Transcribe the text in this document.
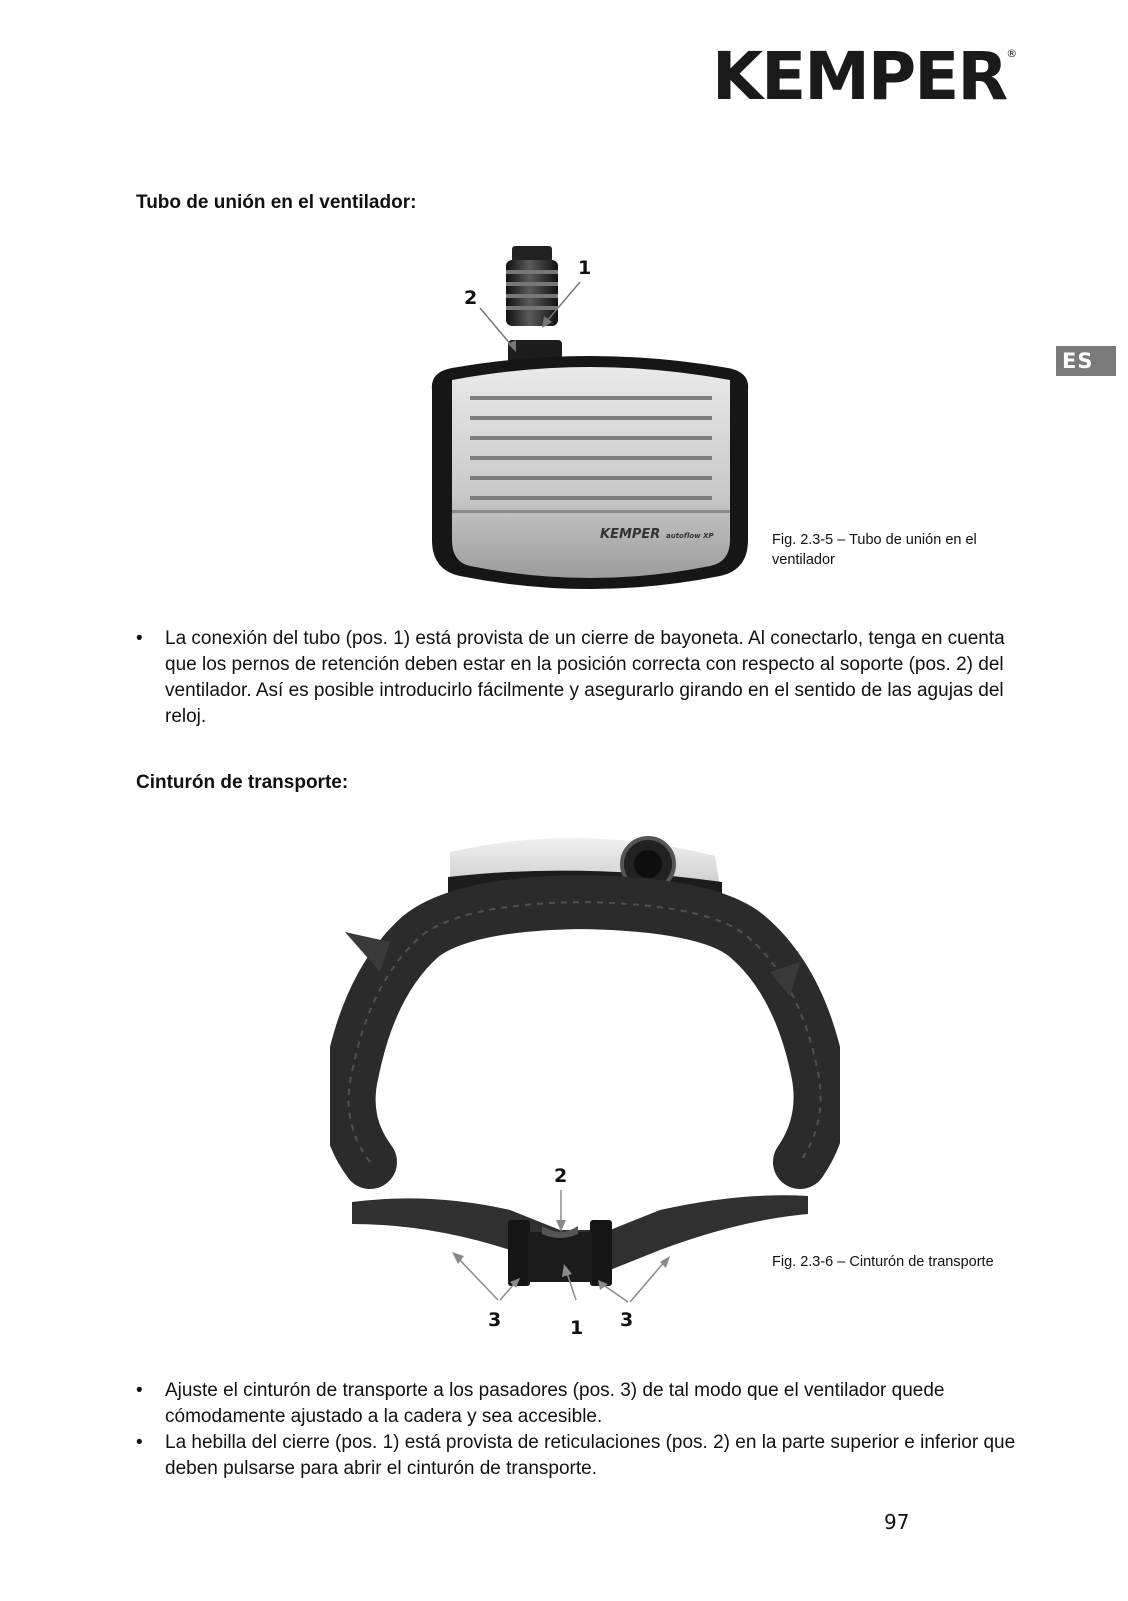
KEMPER®
ES
Tubo de unión en el ventilador:
KEMPER autoflow XP
1
2
Fig. 2.3-5 – Tubo de unión en el ventilador
• La conexión del tubo (pos. 1) está provista de un cierre de bayoneta. Al conectarlo, tenga en cuenta que los pernos de retención deben estar en la posición correcta con respecto al soporte (pos. 2) del ventilador. Así es posible introducirlo fácilmente y asegurarlo girando en el sentido de las agujas del reloj.
Cinturón de transporte:
ON OFF
2
3	1 3
Fig. 2.3-6 – Cinturón de transporte
• Ajuste el cinturón de transporte a los pasadores (pos. 3) de tal modo que el ventilador quede cómodamente ajustado a la cadera y sea accesible.
• La hebilla del cierre (pos. 1) está provista de reticulaciones (pos. 2) en la parte superior e inferior que deben pulsarse para abrir el cinturón de transporte.
97
